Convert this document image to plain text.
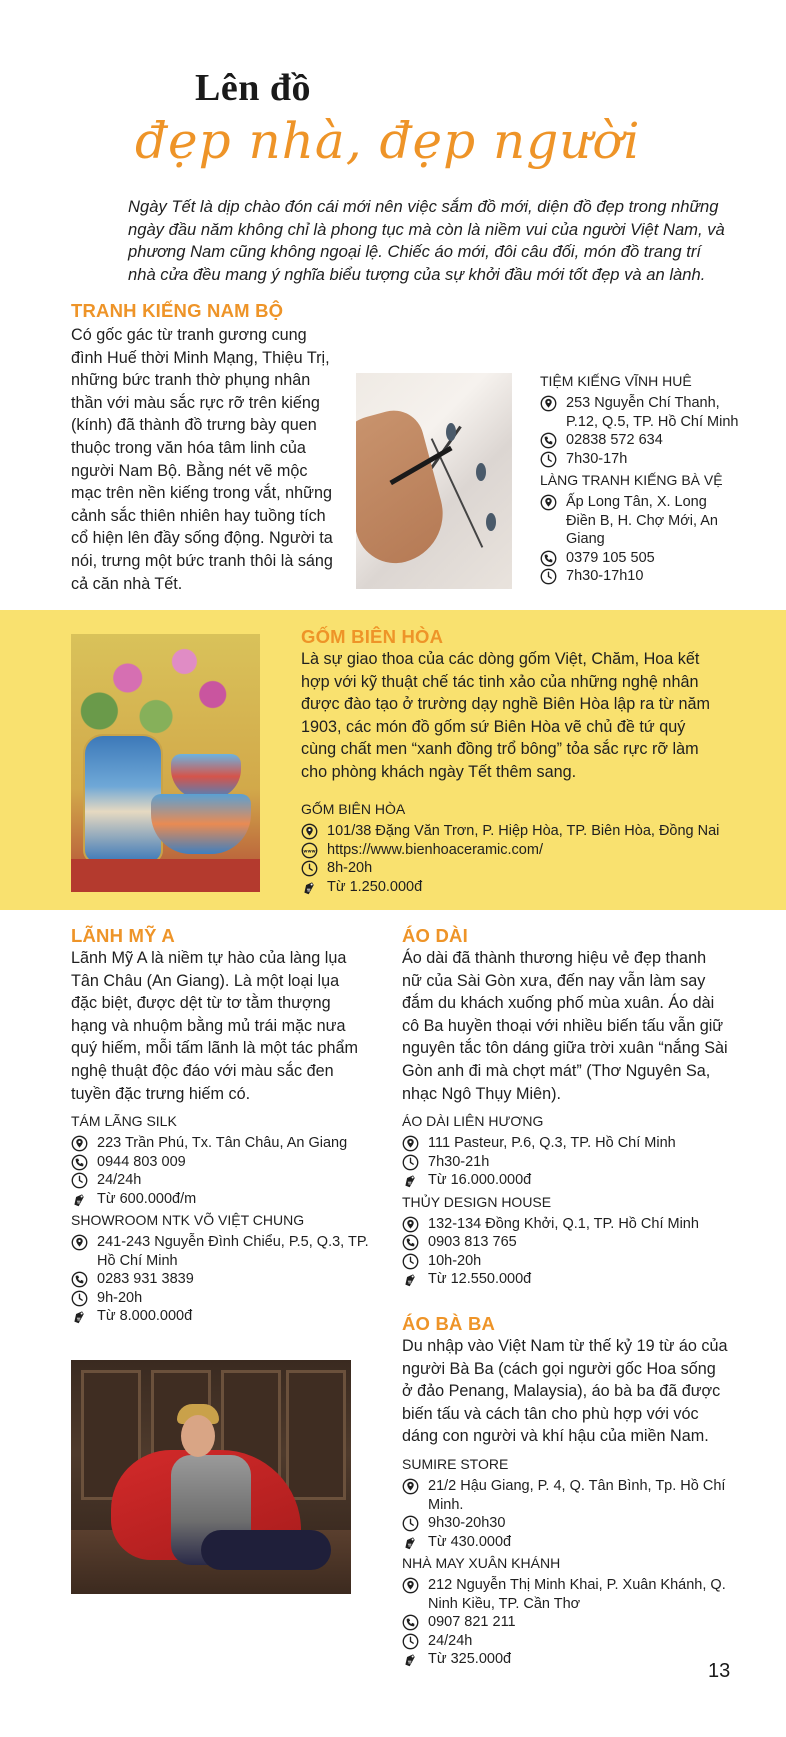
Lên đồ
đẹp nhà, đẹp người

Ngày Tết là dịp chào đón cái mới nên việc sắm đồ mới, diện đồ đẹp trong những ngày đầu năm không chỉ là phong tục mà còn là niềm vui của người Việt Nam, và phương Nam cũng không ngoại lệ. Chiếc áo mới, đôi câu đối, món đồ trang trí nhà cửa đều mang ý nghĩa biểu tượng của sự khởi đầu mới tốt đẹp và an lành.

TRANH KIẾNG NAM BỘ

Có gốc gác từ tranh gương cung đình Huế thời Minh Mạng, Thiệu Trị, những bức tranh thờ phụng nhân thần với màu sắc rực rỡ trên kiếng (kính) đã thành đồ trưng bày quen thuộc trong văn hóa tâm linh của người Nam Bộ. Bằng nét vẽ mộc mạc trên nền kiếng trong vắt, những cảnh sắc thiên nhiên hay tuồng tích cổ hiện lên đầy sống động. Người ta nói, trưng một bức tranh thôi là sáng cả căn nhà Tết.

TIỆM KIẾNG VĨNH HUÊ
253 Nguyễn Chí Thanh, P.12, Q.5, TP. Hồ Chí Minh
02838 572 634
7h30-17h
LÀNG TRANH KIẾNG BÀ VỆ
Ấp Long Tân, X. Long Điền B, H. Chợ Mới, An Giang
0379 105 505
7h30-17h10
GỐM BIÊN HÒA

Là sự giao thoa của các dòng gốm Việt, Chăm, Hoa kết hợp với kỹ thuật chế tác tinh xảo của những nghệ nhân được đào tạo ở trường dạy nghề Biên Hòa lập ra từ năm 1903, các món đồ gốm sứ Biên Hòa vẽ chủ đề tứ quý cùng chất men “xanh đồng trổ bông” tỏa sắc rực rỡ làm cho phòng khách ngày Tết thêm sang.

GỐM BIÊN HÒA
101/38 Đặng Văn Trơn, P. Hiệp Hòa, TP. Biên Hòa, Đồng Nai
https://www.bienhoaceramic.com/
8h-20h
Từ 1.250.000đ
LÃNH MỸ A

Lãnh Mỹ A là niềm tự hào của làng lụa Tân Châu (An Giang). Là một loại lụa đặc biệt, được dệt từ tơ tằm thượng hạng và nhuộm bằng mủ trái mặc nưa quý hiếm, mỗi tấm lãnh là một tác phẩm nghệ thuật độc đáo với màu sắc đen tuyền đặc trưng hiếm có.

TÁM LÃNG SILK
223 Trần Phú, Tx. Tân Châu, An Giang
0944 803 009
24/24h
Từ 600.000đ/m
SHOWROOM NTK VÕ VIỆT CHUNG
241-243 Nguyễn Đình Chiểu, P.5, Q.3, TP. Hồ Chí Minh
0283 931 3839
9h-20h
Từ 8.000.000đ
ÁO DÀI

Áo dài đã thành thương hiệu vẻ đẹp thanh nữ của Sài Gòn xưa, đến nay vẫn làm say đắm du khách xuống phố mùa xuân. Áo dài cô Ba huyền thoại với nhiều biến tấu vẫn giữ nguyên tắc tôn dáng giữa trời xuân “nắng Sài Gòn anh đi mà chợt mát” (Thơ Nguyên Sa, nhạc Ngô Thụy Miên).

ÁO DÀI LIÊN HƯƠNG
111 Pasteur, P.6, Q.3, TP. Hồ Chí Minh
7h30-21h
Từ 16.000.000đ
THỦY DESIGN HOUSE
132-134 Đồng Khởi, Q.1, TP. Hồ Chí Minh
0903 813 765
10h-20h
Từ 12.550.000đ
ÁO BÀ BA

Du nhập vào Việt Nam từ thế kỷ 19 từ áo của người Bà Ba (cách gọi người gốc Hoa sống ở đảo Penang, Malaysia), áo bà ba đã được biến tấu và cách tân cho phù hợp với vóc dáng con người và khí hậu của miền Nam.

SUMIRE STORE
21/2 Hậu Giang, P. 4, Q. Tân Bình, Tp. Hồ Chí Minh.
9h30-20h30
Từ 430.000đ
NHÀ MAY XUÂN KHÁNH
212 Nguyễn Thị Minh Khai, P. Xuân Khánh, Q. Ninh Kiều, TP. Cần Thơ
0907 821 211
24/24h
Từ 325.000đ
13
